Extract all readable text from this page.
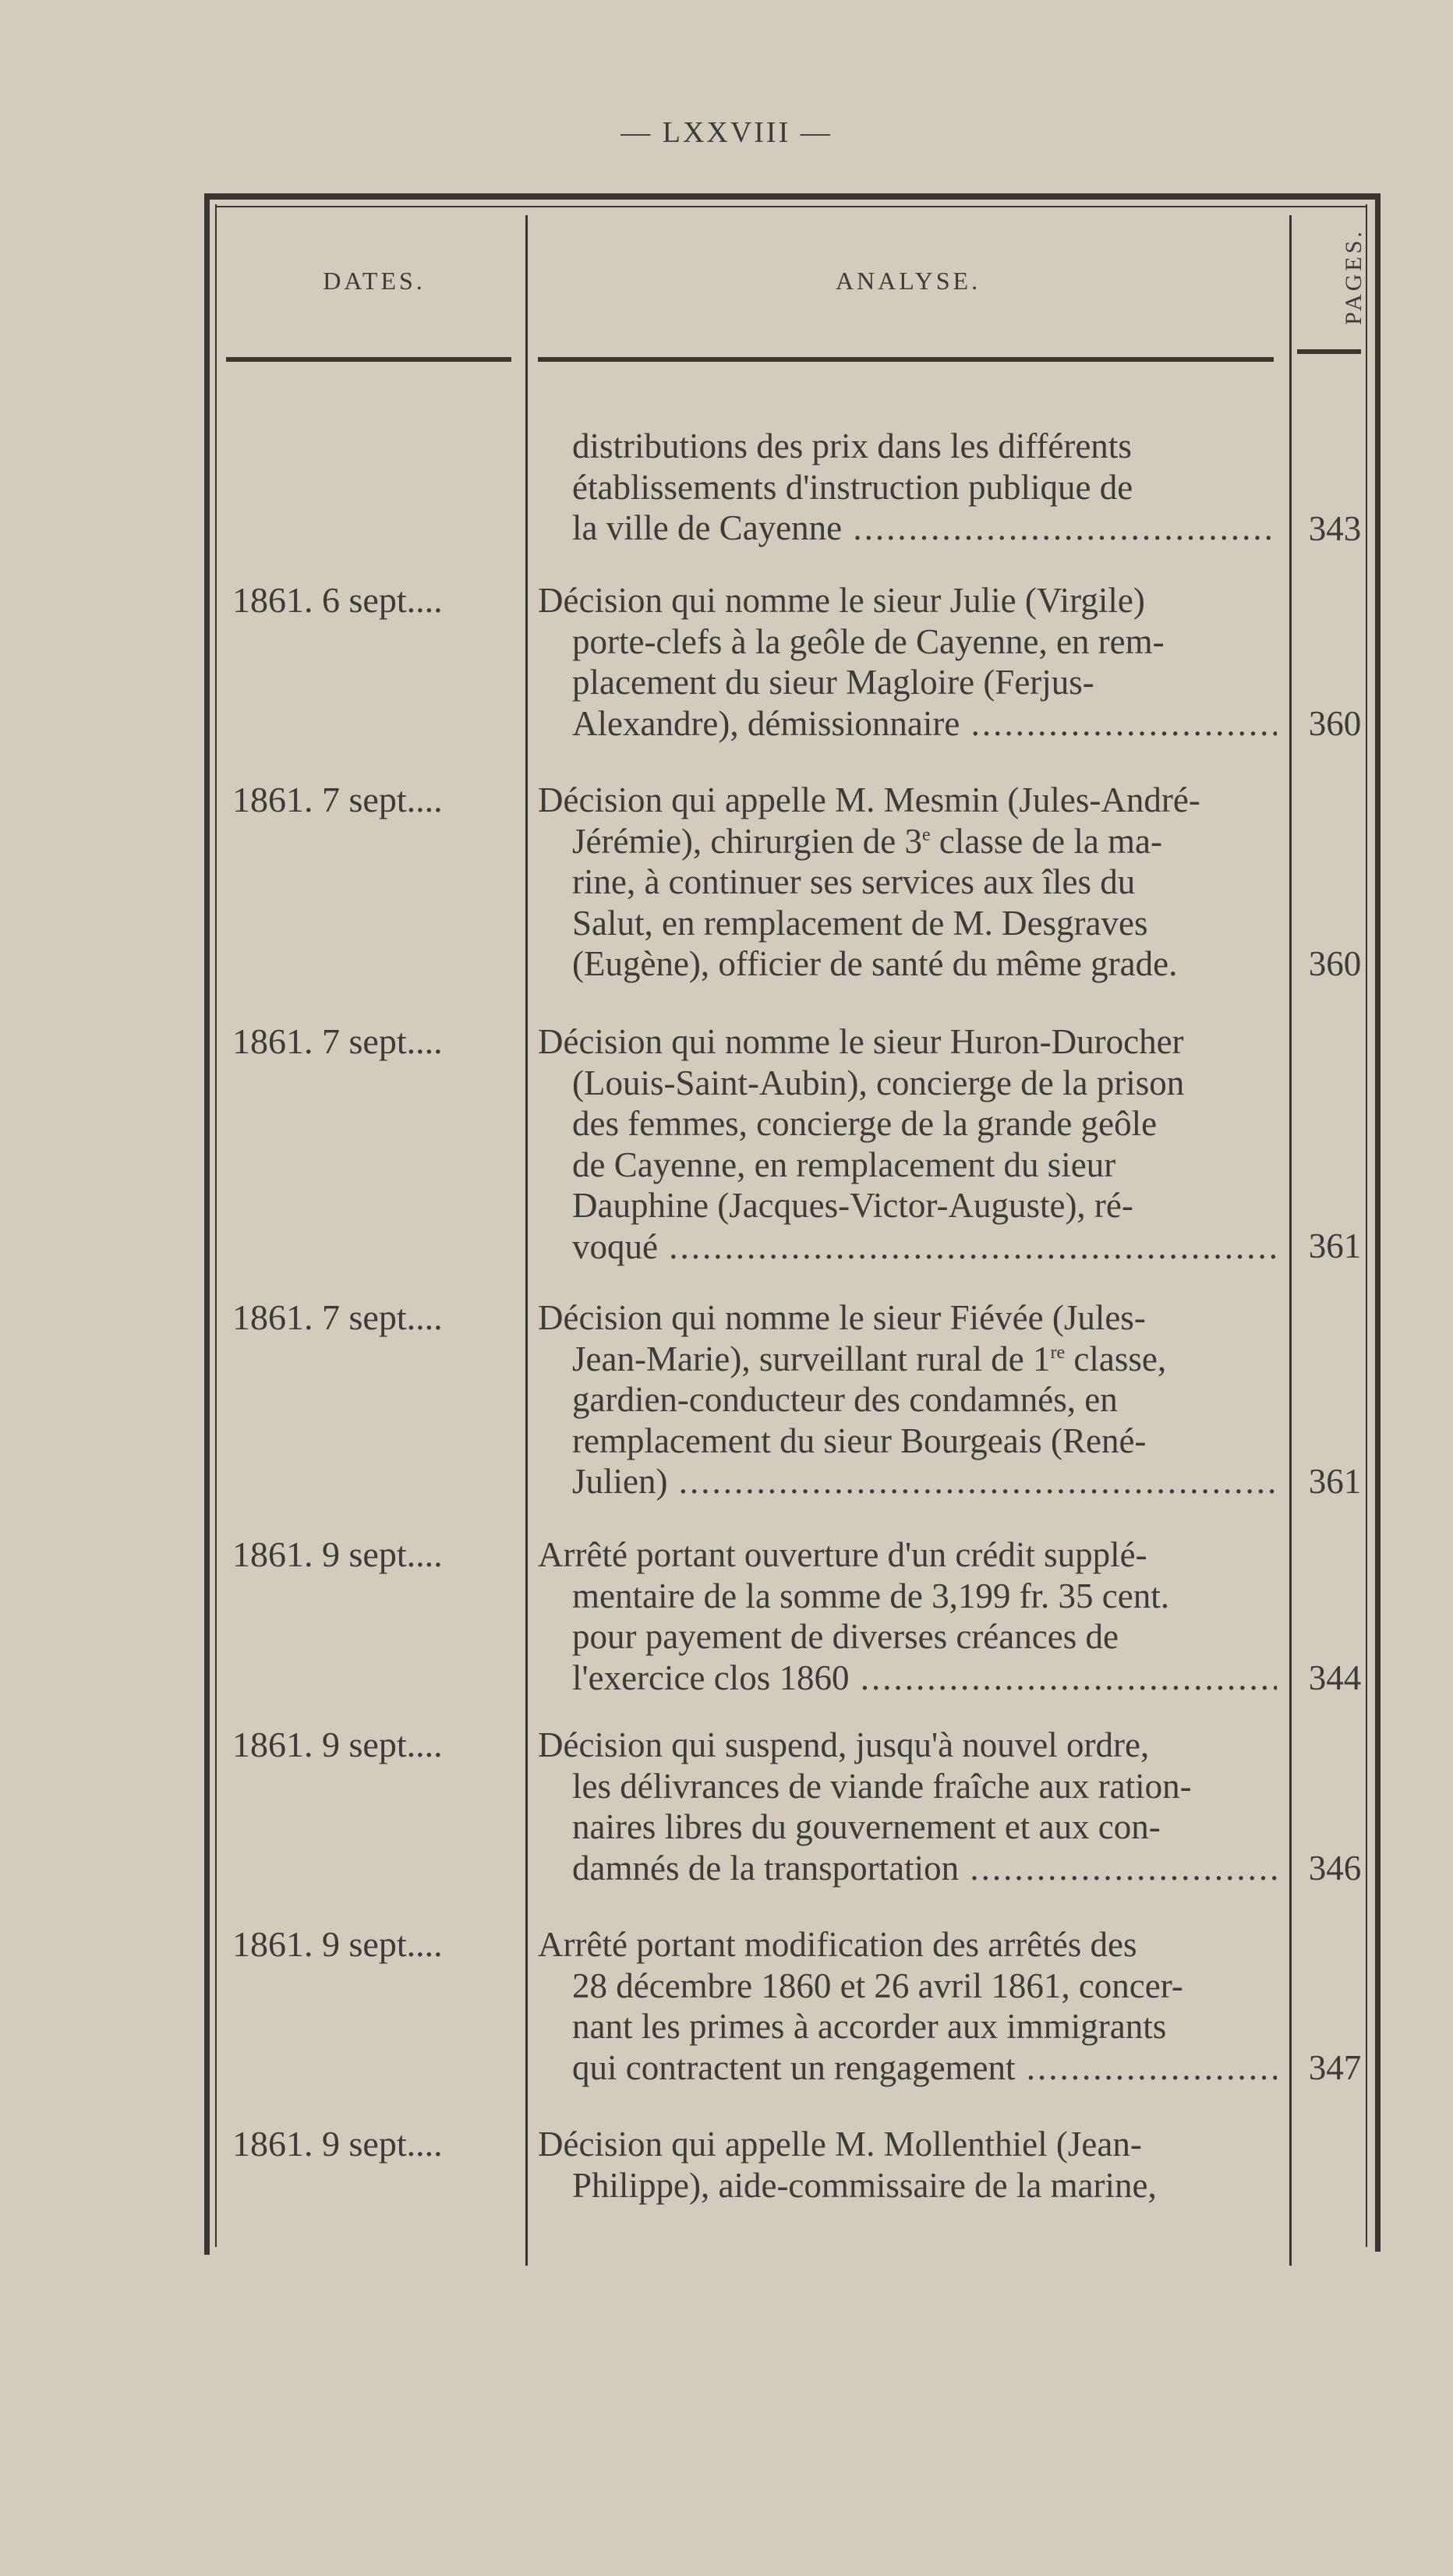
— LXXVIII —
DATES.	ANALYSE.	PAGES.
distributions des prix dans les différents
établissements d'instruction publique de
la ville de Cayenne .....	343
1861. 6 sept....	Décision qui nomme le sieur Julie (Virgile)
porte-clefs à la geôle de Cayenne, en rem-
placement du sieur Magloire (Ferjus-
Alexandre), démissionnaire .....	360
1861. 7 sept....	Décision qui appelle M. Mesmin (Jules-André-
Jérémie), chirurgien de 3e classe de la ma-
rine, à continuer ses services aux îles du
Salut, en remplacement de M. Desgraves
(Eugène), officier de santé du même grade.	360
1861. 7 sept....	Décision qui nomme le sieur Huron-Durocher
(Louis-Saint-Aubin), concierge de la prison
des femmes, concierge de la grande geôle
de Cayenne, en remplacement du sieur
Dauphine (Jacques-Victor-Auguste), ré-
voqué .....	361
1861. 7 sept....	Décision qui nomme le sieur Fiévée (Jules-
Jean-Marie), surveillant rural de 1re classe,
gardien-conducteur des condamnés, en
remplacement du sieur Bourgeais (René-
Julien) .....	361
1861. 9 sept....	Arrêté portant ouverture d'un crédit supplé-
mentaire de la somme de 3,199 fr. 35 cent.
pour payement de diverses créances de
l'exercice clos 1860 .....	344
1861. 9 sept....	Décision qui suspend, jusqu'à nouvel ordre,
les délivrances de viande fraîche aux ration-
naires libres du gouvernement et aux con-
damnés de la transportation .....	346
1861. 9 sept....	Arrêté portant modification des arrêtés des
28 décembre 1860 et 26 avril 1861, concer-
nant les primes à accorder aux immigrants
qui contractent un rengagement .....	347
1861. 9 sept....	Décision qui appelle M. Mollenthiel (Jean-
Philippe), aide-commissaire de la marine,
